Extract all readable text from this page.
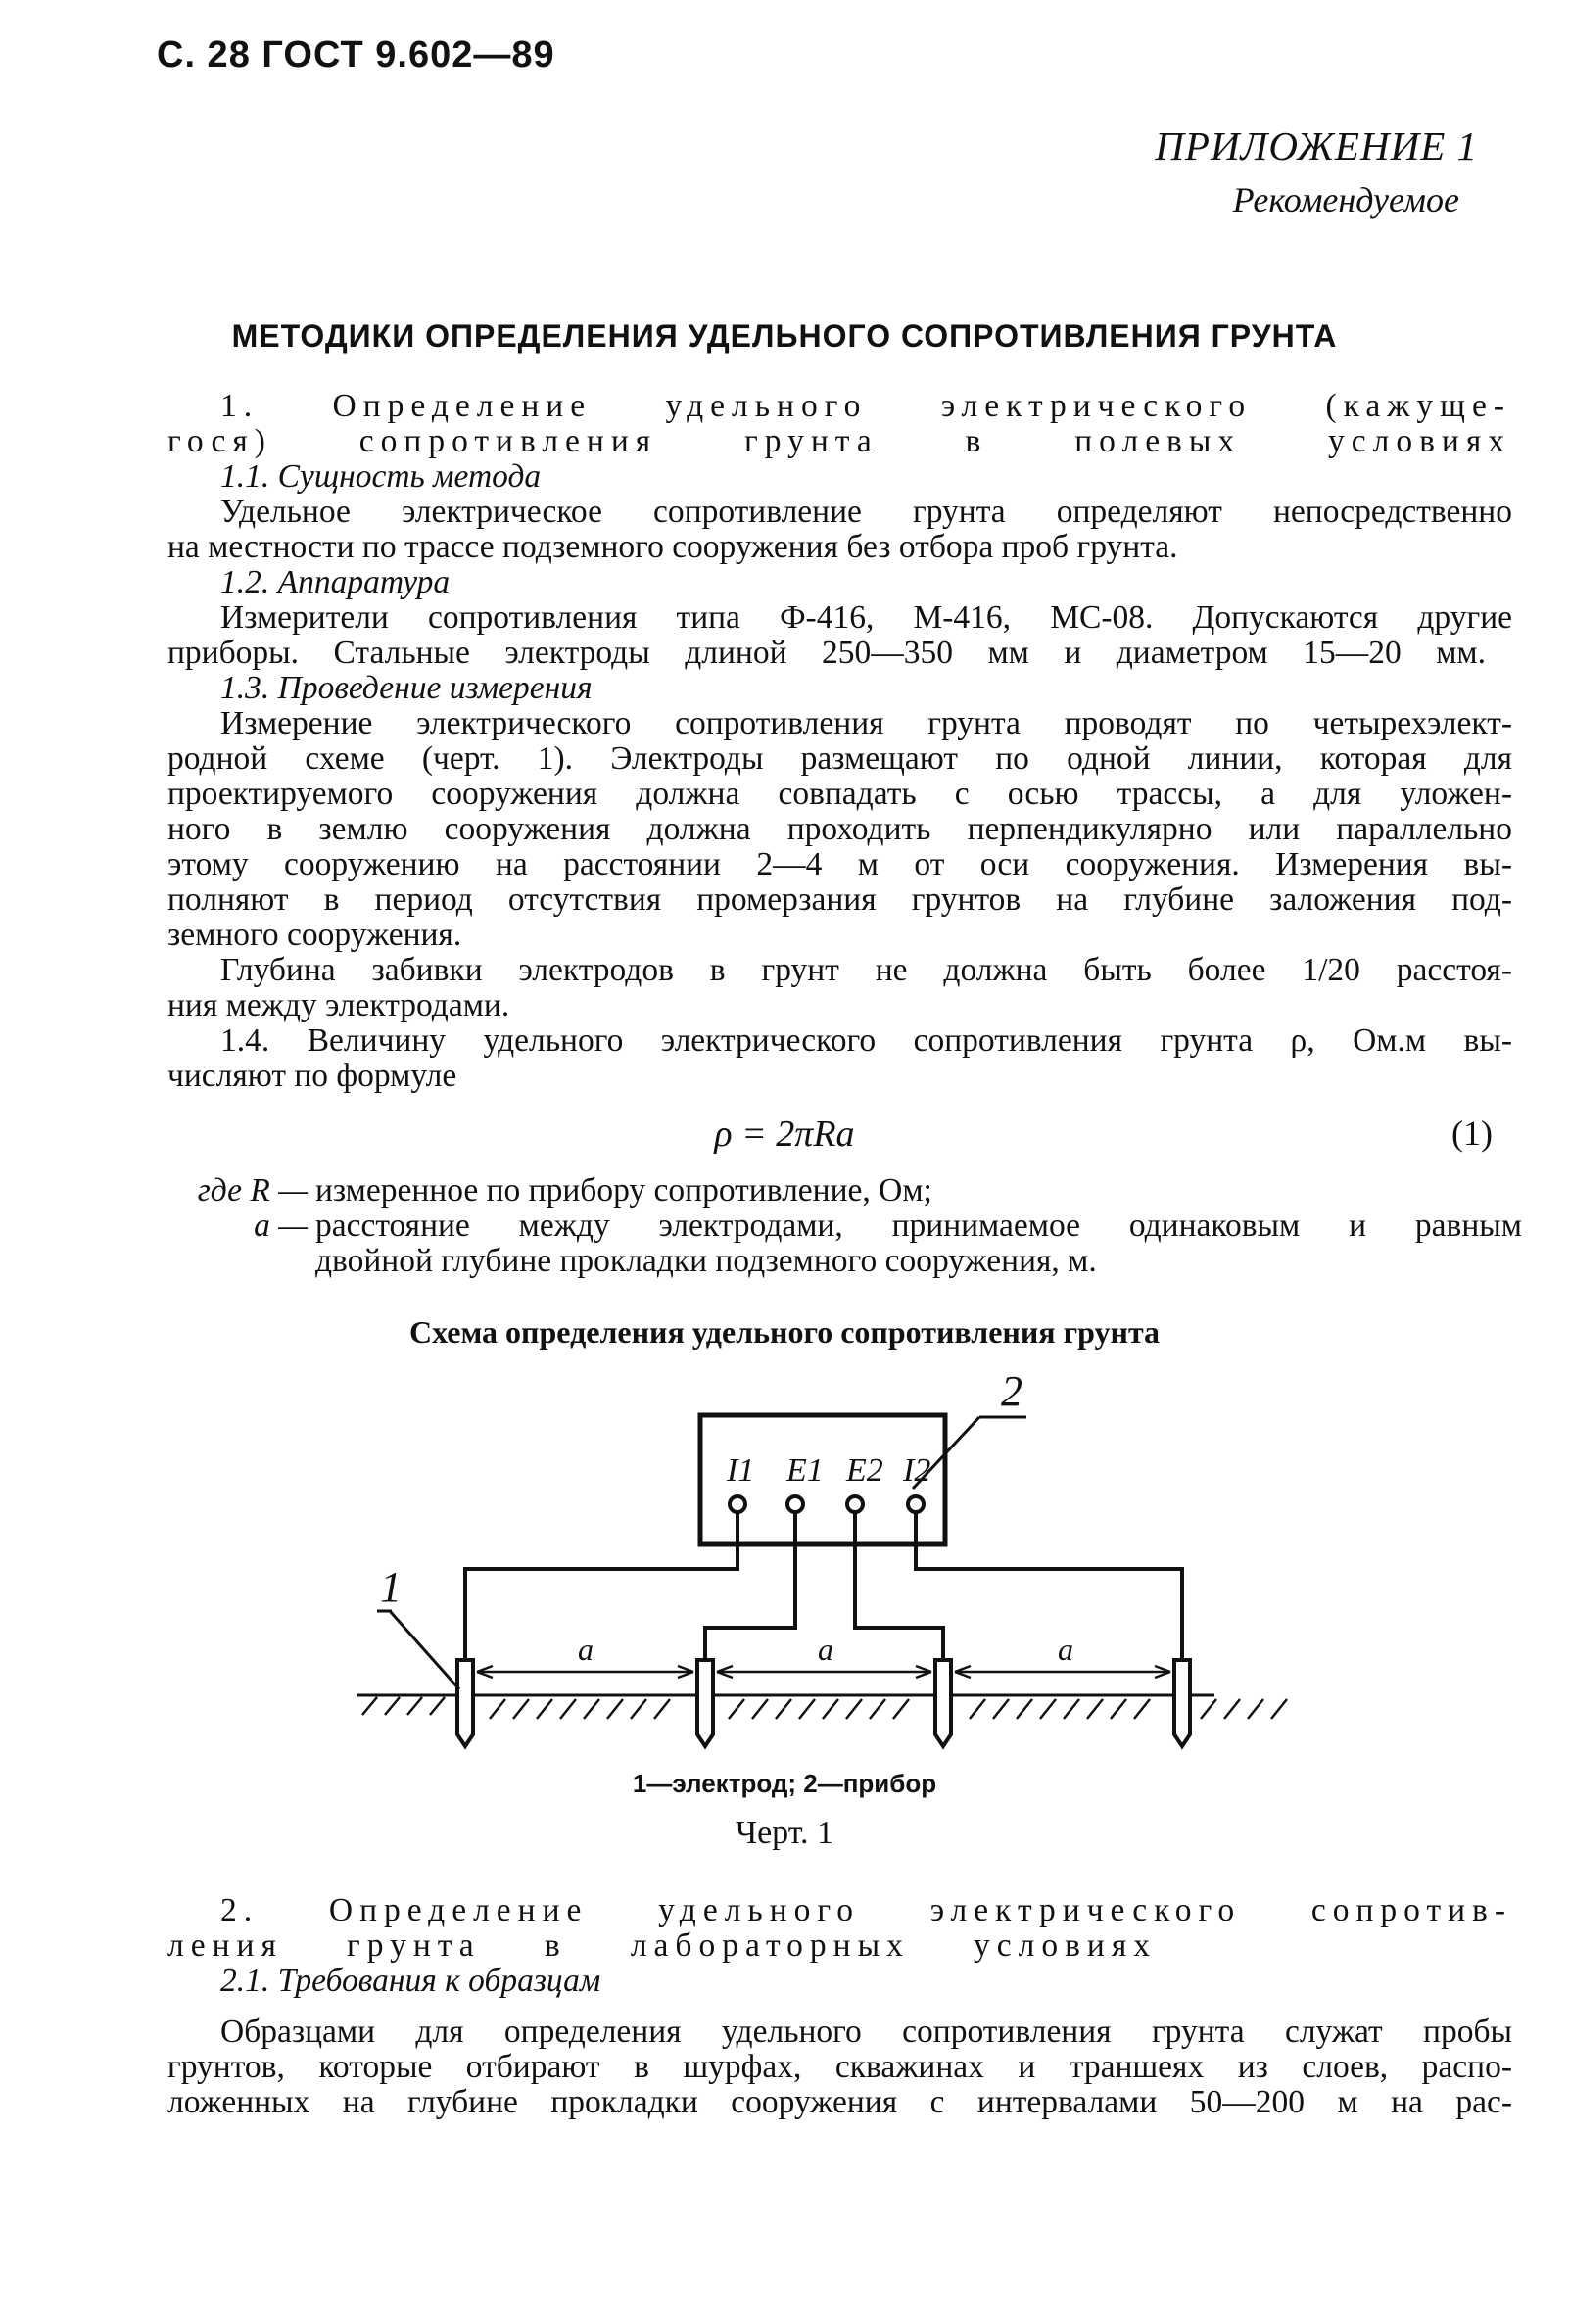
С. 28 ГОСТ 9.602—89
ПРИЛОЖЕНИЕ 1
Рекомендуемое
МЕТОДИКИ ОПРЕДЕЛЕНИЯ УДЕЛЬНОГО СОПРОТИВЛЕНИЯ ГРУНТА
1. Определение удельного электрического (кажуще-
гося) сопротивления грунта в полевых условиях
1.1. Сущность метода
Удельное электрическое сопротивление грунта определяют непосредственно
на местности по трассе подземного сооружения без отбора проб грунта.
1.2. Аппаратура
Измерители сопротивления типа Ф-416, М-416, МС-08. Допускаются другие
приборы. Стальные электроды длиной 250—350 мм и диаметром 15—20 мм.
1.3. Проведение измерения
Измерение электрического сопротивления грунта проводят по четырехэлект-
родной схеме (черт. 1). Электроды размещают по одной линии, которая для
проектируемого сооружения должна совпадать с осью трассы, а для уложен-
ного в землю сооружения должна проходить перпендикулярно или параллельно
этому сооружению на расстоянии 2—4 м от оси сооружения. Измерения вы-
полняют в период отсутствия промерзания грунтов на глубине заложения под-
земного сооружения.
Глубина забивки электродов в грунт не должна быть более 1/20 расстоя-
ния между электродами.
1.4. Величину удельного электрического сопротивления грунта ρ, Ом.м вы-
числяют по формуле
ρ = 2πRa	(1)
где R — измеренное по прибору сопротивление, Ом;
a — расстояние между электродами, принимаемое одинаковым и равным
двойной глубине прокладки подземного сооружения, м.
Схема определения удельного сопротивления грунта
I1 E1 E2 I2
2
1
a	a	a
1—электрод; 2—прибор
Черт. 1
2. Определение удельного электрического сопротив-
ления грунта в лабораторных условиях
2.1. Требования к образцам
Образцами для определения удельного сопротивления грунта служат пробы
грунтов, которые отбирают в шурфах, скважинах и траншеях из слоев, распо-
ложенных на глубине прокладки сооружения с интервалами 50—200 м на рас-
